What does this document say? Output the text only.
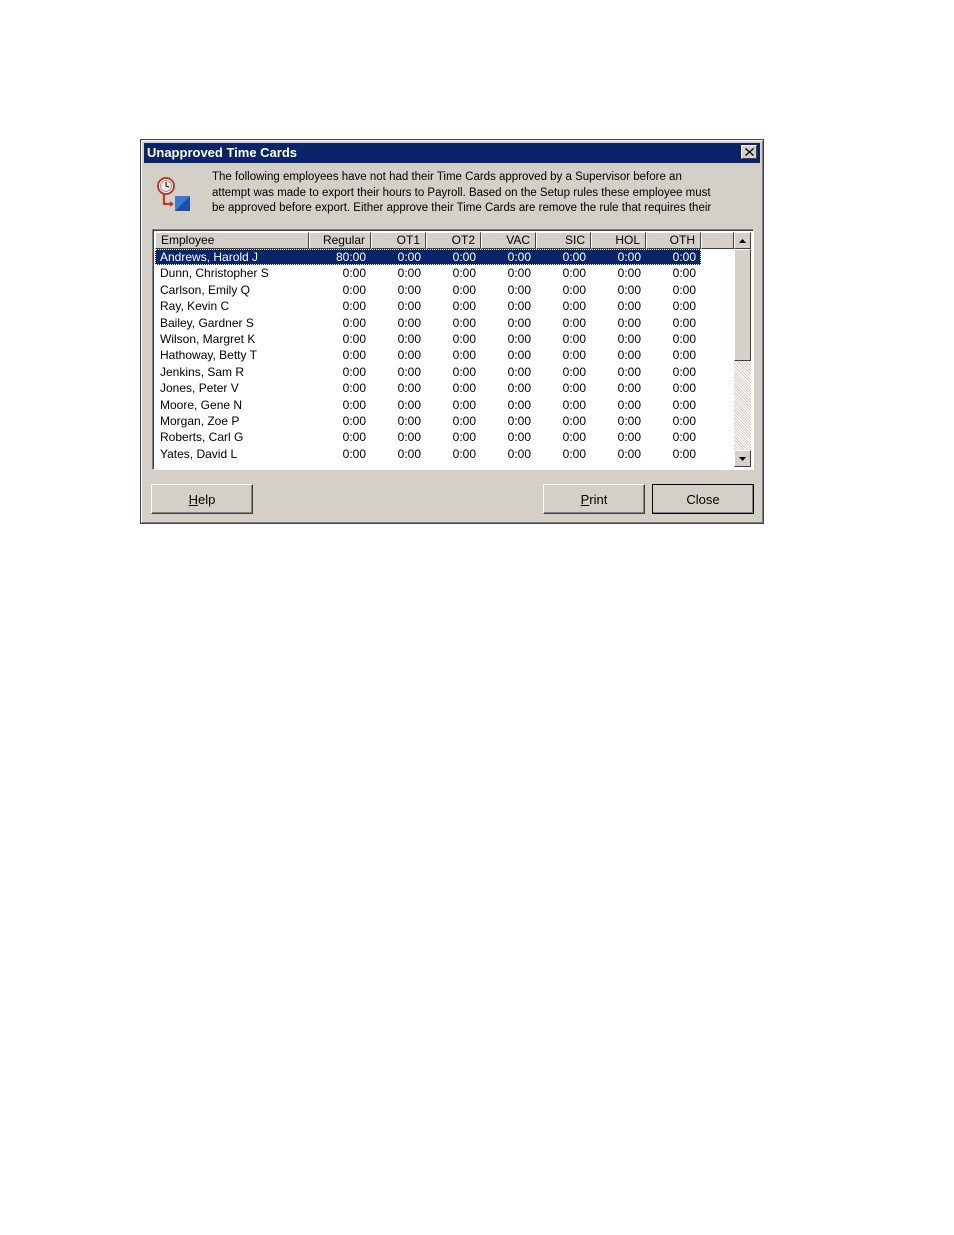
Unapproved Time Cards
The following employees have not had their Time Cards approved by a Supervisor before an
attempt was made to export their hours to Payroll. Based on the Setup rules these employee must
be approved before export. Either approve their Time Cards are remove the rule that requires their
Employee	Regular	OT1	OT2	VAC	SIC	HOL	OTH
Andrews, Harold J	80:00	0:00	0:00	0:00	0:00	0:00	0:00
Dunn, Christopher S	0:00	0:00	0:00	0:00	0:00	0:00	0:00
Carlson, Emily Q	0:00	0:00	0:00	0:00	0:00	0:00	0:00
Ray, Kevin C	0:00	0:00	0:00	0:00	0:00	0:00	0:00
Bailey, Gardner S	0:00	0:00	0:00	0:00	0:00	0:00	0:00
Wilson, Margret K	0:00	0:00	0:00	0:00	0:00	0:00	0:00
Hathoway, Betty T	0:00	0:00	0:00	0:00	0:00	0:00	0:00
Jenkins, Sam R	0:00	0:00	0:00	0:00	0:00	0:00	0:00
Jones, Peter V	0:00	0:00	0:00	0:00	0:00	0:00	0:00
Moore, Gene N	0:00	0:00	0:00	0:00	0:00	0:00	0:00
Morgan, Zoe P	0:00	0:00	0:00	0:00	0:00	0:00	0:00
Roberts, Carl G	0:00	0:00	0:00	0:00	0:00	0:00	0:00
Yates, David L	0:00	0:00	0:00	0:00	0:00	0:00	0:00
H elp	P rint	Close
